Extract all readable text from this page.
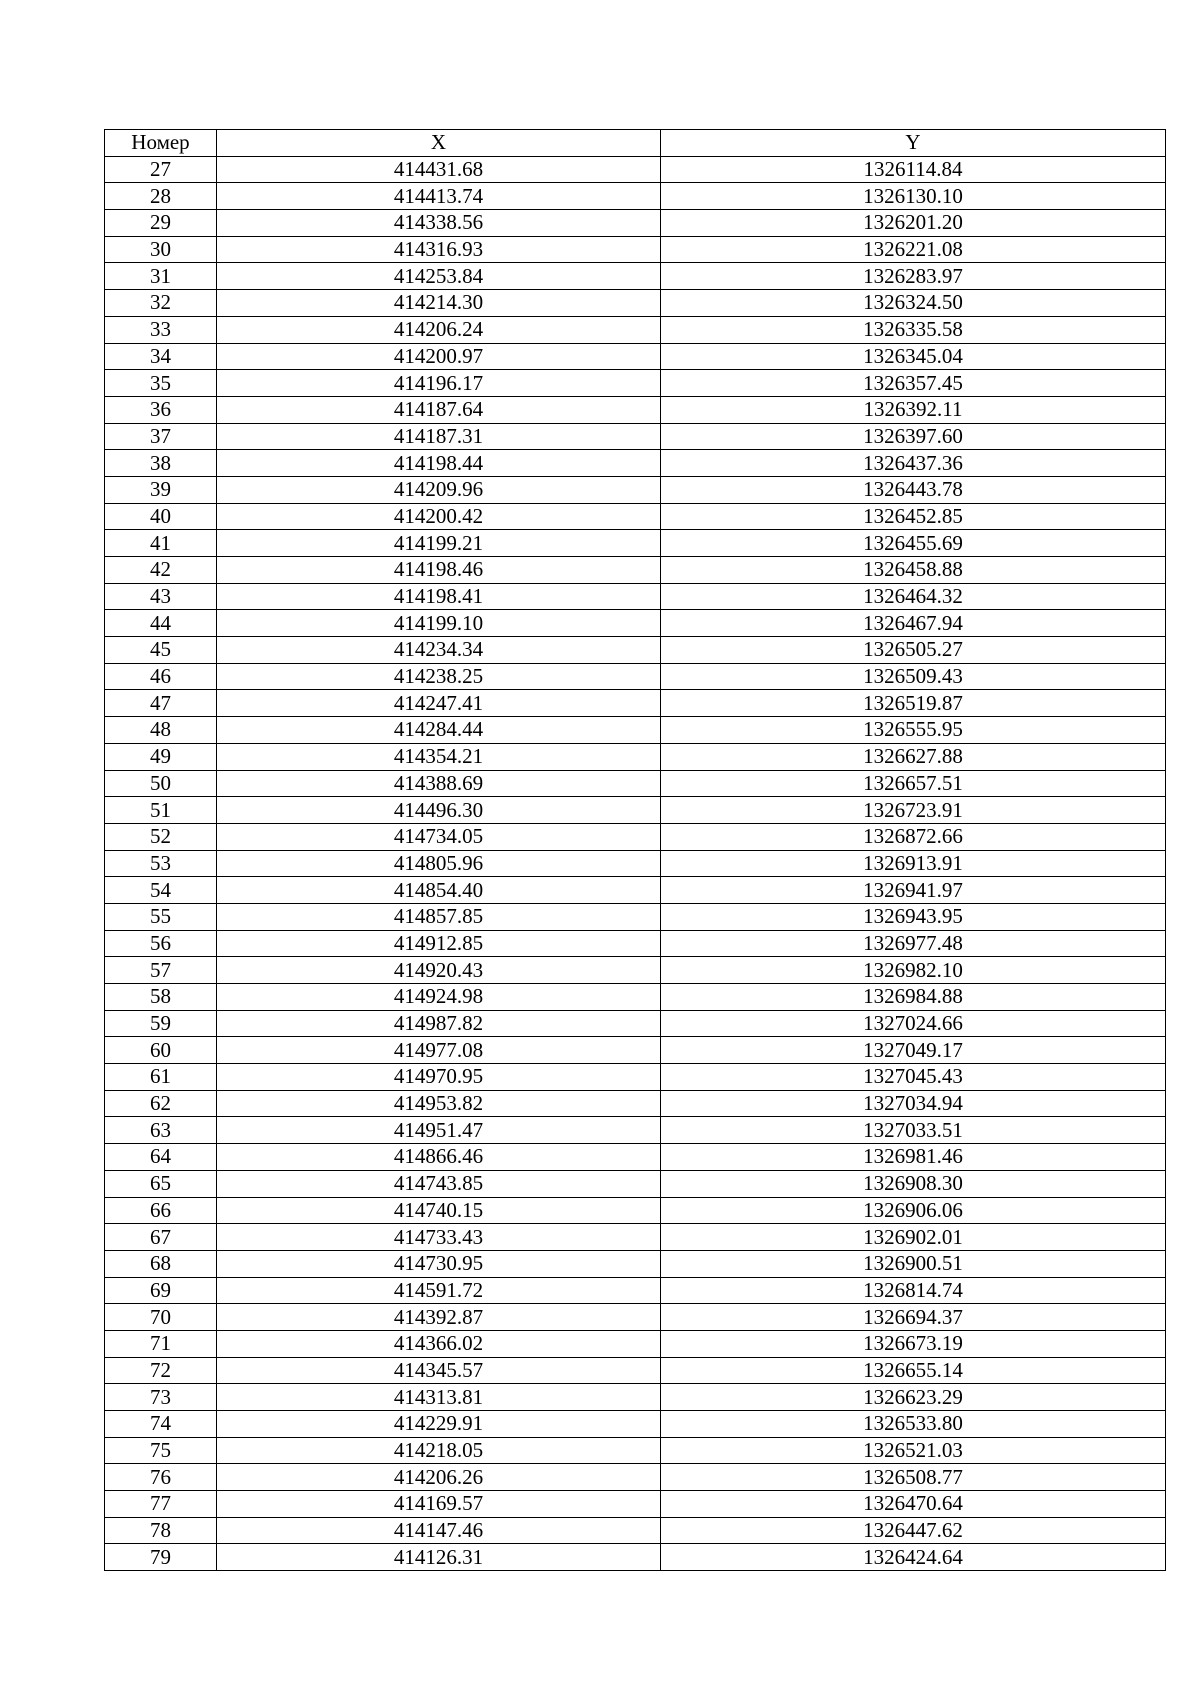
Номер	X	Y
27	414431.68	1326114.84
28	414413.74	1326130.10
29	414338.56	1326201.20
30	414316.93	1326221.08
31	414253.84	1326283.97
32	414214.30	1326324.50
33	414206.24	1326335.58
34	414200.97	1326345.04
35	414196.17	1326357.45
36	414187.64	1326392.11
37	414187.31	1326397.60
38	414198.44	1326437.36
39	414209.96	1326443.78
40	414200.42	1326452.85
41	414199.21	1326455.69
42	414198.46	1326458.88
43	414198.41	1326464.32
44	414199.10	1326467.94
45	414234.34	1326505.27
46	414238.25	1326509.43
47	414247.41	1326519.87
48	414284.44	1326555.95
49	414354.21	1326627.88
50	414388.69	1326657.51
51	414496.30	1326723.91
52	414734.05	1326872.66
53	414805.96	1326913.91
54	414854.40	1326941.97
55	414857.85	1326943.95
56	414912.85	1326977.48
57	414920.43	1326982.10
58	414924.98	1326984.88
59	414987.82	1327024.66
60	414977.08	1327049.17
61	414970.95	1327045.43
62	414953.82	1327034.94
63	414951.47	1327033.51
64	414866.46	1326981.46
65	414743.85	1326908.30
66	414740.15	1326906.06
67	414733.43	1326902.01
68	414730.95	1326900.51
69	414591.72	1326814.74
70	414392.87	1326694.37
71	414366.02	1326673.19
72	414345.57	1326655.14
73	414313.81	1326623.29
74	414229.91	1326533.80
75	414218.05	1326521.03
76	414206.26	1326508.77
77	414169.57	1326470.64
78	414147.46	1326447.62
79	414126.31	1326424.64
